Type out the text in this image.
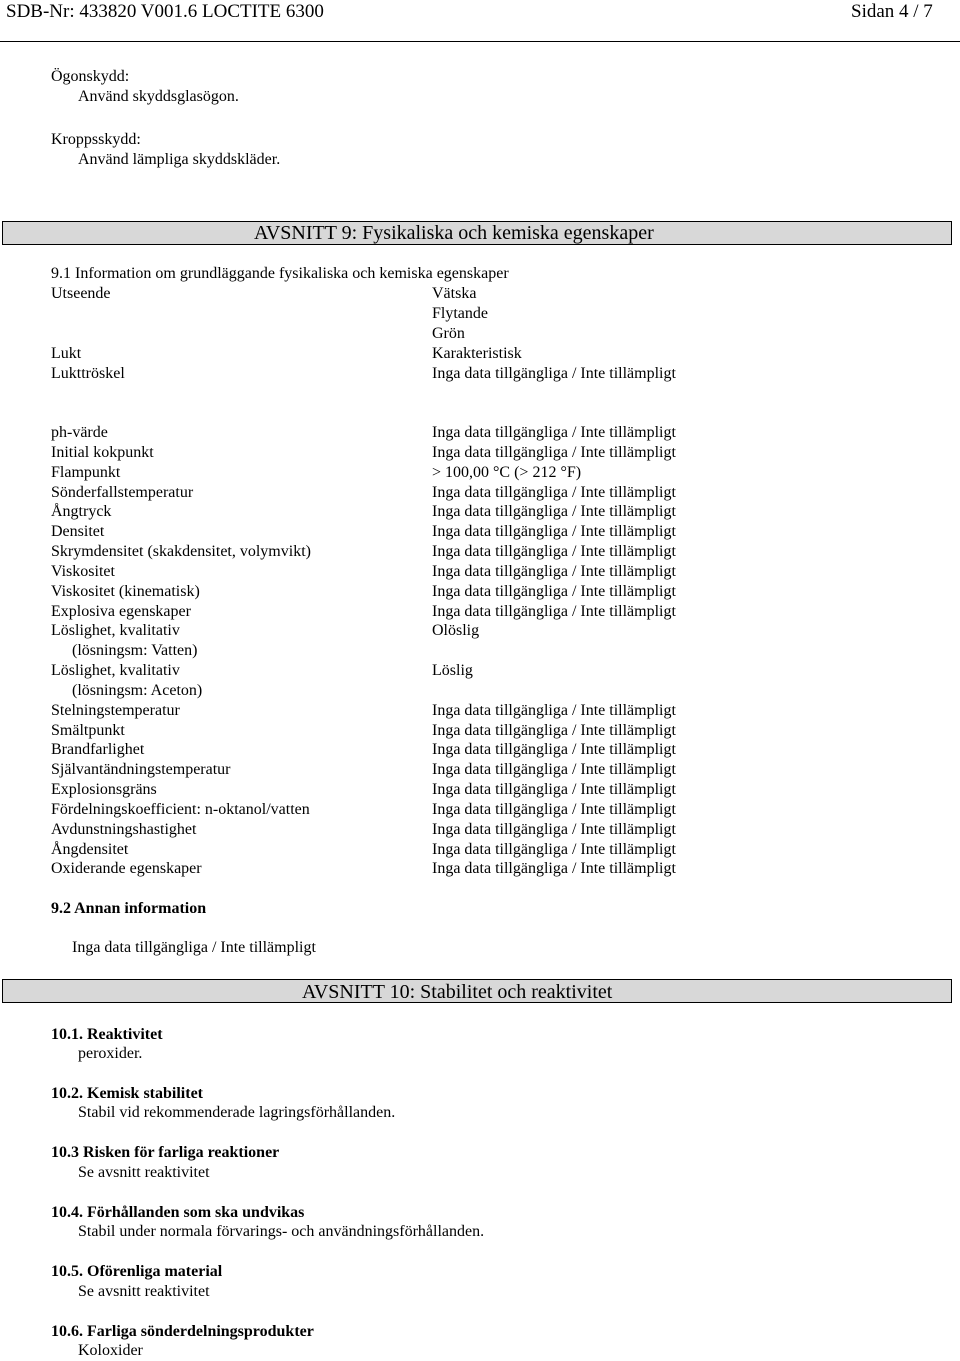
SDB-Nr: 433820 V001.6 LOCTITE 6300	Sidan 4 / 7
Ögonskydd:
Använd skyddsglasögon.
Kroppsskydd:
Använd lämpliga skyddskläder.
AVSNITT 9: Fysikaliska och kemiska egenskaper
9.1 Information om grundläggande fysikaliska och kemiska egenskaper
Utseende	Vätska
Flytande
Grön
Lukt	Karakteristisk
Lukttröskel	Inga data tillgängliga / Inte tillämpligt
ph-värde	Inga data tillgängliga / Inte tillämpligt
Initial kokpunkt	Inga data tillgängliga / Inte tillämpligt
Flampunkt	> 100,00 °C (> 212 °F)
Sönderfallstemperatur	Inga data tillgängliga / Inte tillämpligt
Ångtryck	Inga data tillgängliga / Inte tillämpligt
Densitet	Inga data tillgängliga / Inte tillämpligt
Skrymdensitet (skakdensitet, volymvikt)	Inga data tillgängliga / Inte tillämpligt
Viskositet	Inga data tillgängliga / Inte tillämpligt
Viskositet (kinematisk)	Inga data tillgängliga / Inte tillämpligt
Explosiva egenskaper	Inga data tillgängliga / Inte tillämpligt
Löslighet, kvalitativ	Olöslig
(lösningsm: Vatten)
Löslighet, kvalitativ	Löslig
(lösningsm: Aceton)
Stelningstemperatur	Inga data tillgängliga / Inte tillämpligt
Smältpunkt	Inga data tillgängliga / Inte tillämpligt
Brandfarlighet	Inga data tillgängliga / Inte tillämpligt
Självantändningstemperatur	Inga data tillgängliga / Inte tillämpligt
Explosionsgräns	Inga data tillgängliga / Inte tillämpligt
Fördelningskoefficient: n-oktanol/vatten	Inga data tillgängliga / Inte tillämpligt
Avdunstningshastighet	Inga data tillgängliga / Inte tillämpligt
Ångdensitet	Inga data tillgängliga / Inte tillämpligt
Oxiderande egenskaper	Inga data tillgängliga / Inte tillämpligt
9.2 Annan information
Inga data tillgängliga / Inte tillämpligt
AVSNITT 10: Stabilitet och reaktivitet
10.1. Reaktivitet
peroxider.
10.2. Kemisk stabilitet
Stabil vid rekommenderade lagringsförhållanden.
10.3 Risken för farliga reaktioner
Se avsnitt reaktivitet
10.4. Förhållanden som ska undvikas
Stabil under normala förvarings- och användningsförhållanden.
10.5. Oförenliga material
Se avsnitt reaktivitet
10.6. Farliga sönderdelningsprodukter
Koloxider
